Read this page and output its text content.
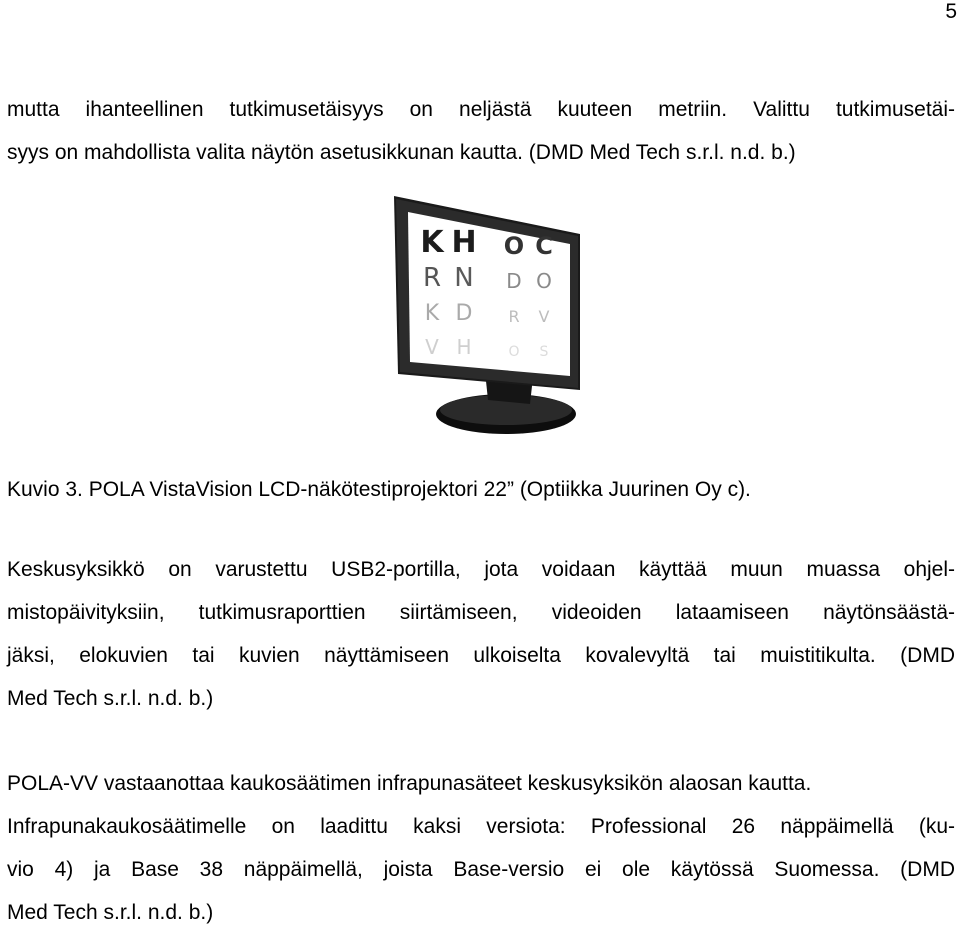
5
mutta ihanteellinen tutkimusetäisyys on neljästä kuuteen metriin. Valittu tutkimusetäi-
syys on mahdollista valita näytön asetusikkunan kautta. (DMD Med Tech s.r.l. n.d. b.)
K H O C
R N D O
K D R V
V H	O S
Kuvio 3. POLA VistaVision LCD-näkötestiprojektori 22” (Optiikka Juurinen Oy c).
Keskusyksikkö on varustettu USB2-portilla, jota voidaan käyttää muun muassa ohjel-
mistopäivityksiin, tutkimusraporttien siirtämiseen, videoiden lataamiseen näytönsäästä-
jäksi, elokuvien tai kuvien näyttämiseen ulkoiselta kovalevyltä tai muistitikulta. (DMD
Med Tech s.r.l. n.d. b.)
POLA-VV vastaanottaa kaukosäätimen infrapunasäteet keskusyksikön alaosan kautta.
Infrapunakaukosäätimelle on laadittu kaksi versiota: Professional 26 näppäimellä (ku-
vio 4) ja Base 38 näppäimellä, joista Base-versio ei ole käytössä Suomessa. (DMD
Med Tech s.r.l. n.d. b.)
